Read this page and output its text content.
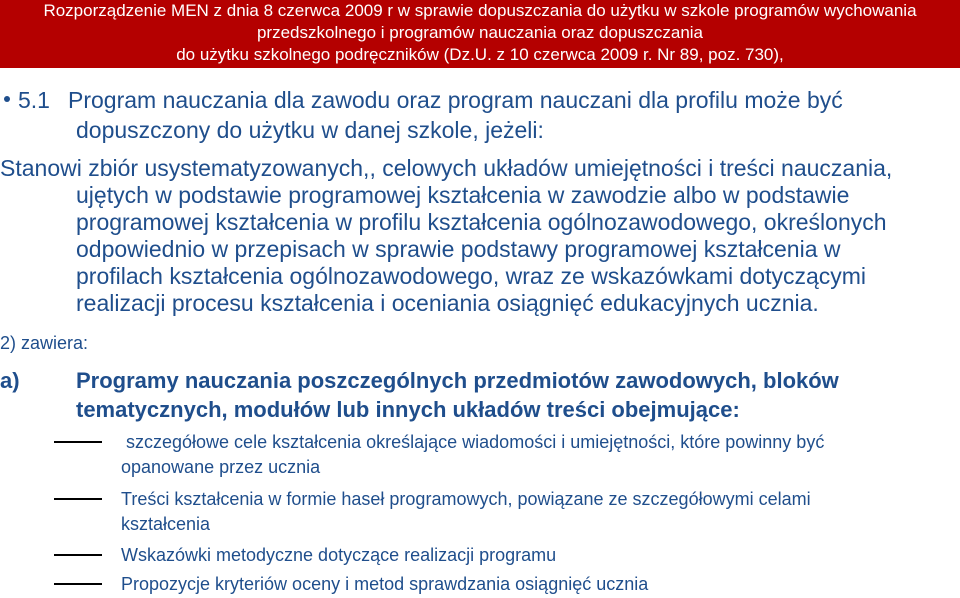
Rozporządzenie MEN z dnia 8 czerwca 2009 r w sprawie dopuszczania do użytku w szkole programów wychowania
przedszkolnego i programów nauczania oraz dopuszczania
do użytku szkolnego podręczników (Dz.U. z 10 czerwca 2009 r. Nr 89, poz. 730),
5.1 Program nauczania dla zawodu oraz program nauczani dla profilu może być
dopuszczony do użytku w danej szkole, jeżeli:
Stanowi zbiór usystematyzowanych,, celowych układów umiejętności i treści nauczania,
ujętych w podstawie programowej kształcenia w zawodzie albo w podstawie
programowej kształcenia w profilu kształcenia ogólnozawodowego, określonych
odpowiednio w przepisach w sprawie podstawy programowej kształcenia w
profilach kształcenia ogólnozawodowego, wraz ze wskazówkami dotyczącymi
realizacji procesu kształcenia i oceniania osiągnięć edukacyjnych ucznia.
2) zawiera:
a)	Programy nauczania poszczególnych przedmiotów zawodowych, bloków
tematycznych, modułów lub innych układów treści obejmujące:
szczegółowe cele kształcenia określające wiadomości i umiejętności, które powinny być
opanowane przez ucznia
Treści kształcenia w formie haseł programowych, powiązane ze szczegółowymi celami
kształcenia
Wskazówki metodyczne dotyczące realizacji programu
Propozycje kryteriów oceny i metod sprawdzania osiągnięć ucznia
